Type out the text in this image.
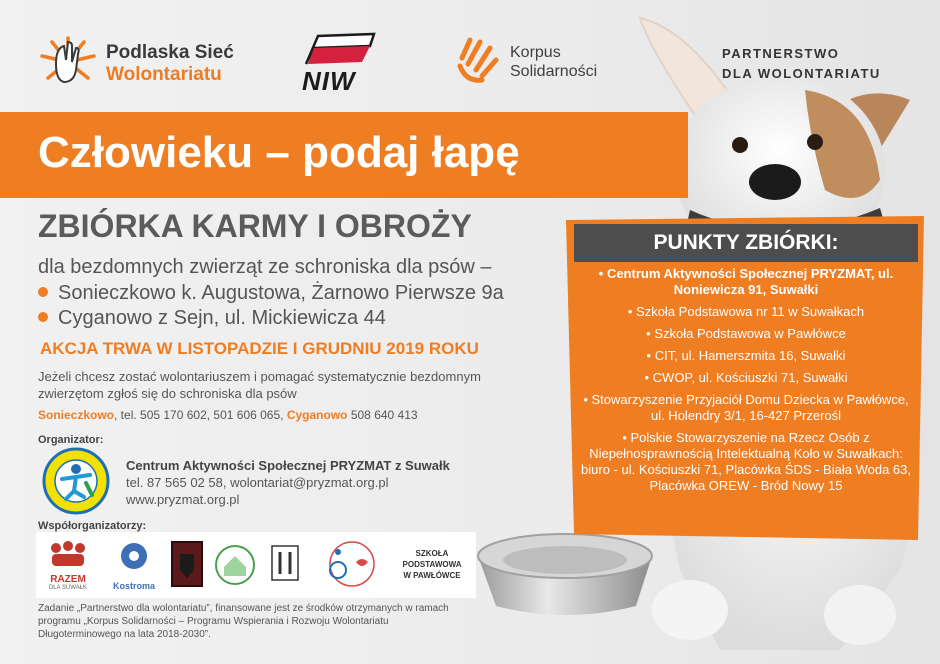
Podlaska Sieć
Wolontariatu	NIW
Korpus
Solidarności
PARTNERSTWO
DLA WOLONTARIATU
Człowieku – podaj łapę
ZBIÓRKA KARMY I OBROŻY
dla bezdomnych zwierząt ze schroniska dla psów –
Sonieczkowo k. Augustowa, Żarnowo Pierwsze 9a
Cyganowo z Sejn, ul. Mickiewicza 44
AKCJA TRWA W LISTOPADZIE I GRUDNIU 2019 ROKU
Jeżeli chcesz zostać wolontariuszem i pomagać systematycznie bezdomnym zwierzętom zgłoś się do schroniska dla psów
Sonieczkowo, tel. 505 170 602, 501 606 065, Cyganowo 508 640 413
Organizator:
Centrum Aktywności Społecznej PRYZMAT z Suwałk
tel. 87 565 02 58, wolontariat@pryzmat.org.pl
www.pryzmat.org.pl
Współorganizatorzy:
RAZEM
DLA SUWAŁK	Kostroma
SZKOŁA
PODSTAWOWA
W PAWŁÓWCE
Zadanie „Partnerstwo dla wolontariatu”, finansowane jest ze środków otrzymanych w ramach programu „Korpus Solidarności – Programu Wspierania i Rozwoju Wolontariatu Długoterminowego na lata 2018-2030”.
PUNKTY ZBIÓRKI:
• Centrum Aktywności Społecznej PRYZMAT, ul. Noniewicza 91, Suwałki
• Szkoła Podstawowa nr 11 w Suwałkach
• Szkoła Podstawowa w Pawłówce
• CIT, ul. Hamerszmita 16, Suwałki
• CWOP, ul. Kościuszki 71, Suwałki
• Stowarzyszenie Przyjaciół Domu Dziecka w Pawłówce, ul. Holendry 3/1, 16-427 Przerośl
• Polskie Stowarzyszenie na Rzecz Osób z Niepełnosprawnością Intelektualną Koło w Suwałkach: biuro - ul. Kościuszki 71, Placówka ŚDS - Biała Woda 63, Placówka OREW - Bród Nowy 15
